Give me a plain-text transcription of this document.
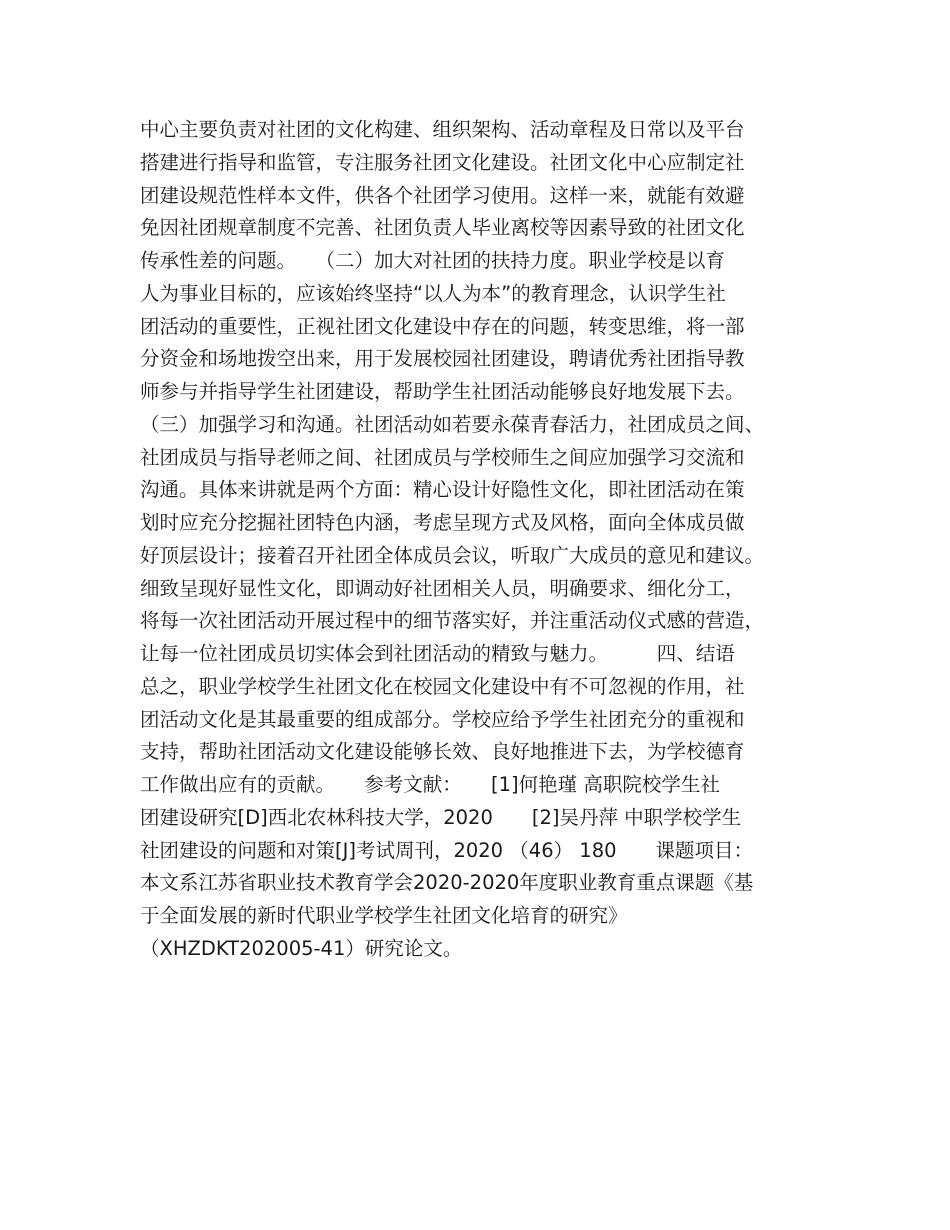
中心主要负责对社团的文化构建、组织架构、活动章程及日常以及平台
搭建进行指导和监管，专注服务社团文化建设。社团文化中心应制定社
团建设规范性样本文件，供各个社团学习使用。这样一来，就能有效避
免因社团规章制度不完善、社团负责人毕业离校等因素导致的社团文化
传承性差的问题。　　（二）加大对社团的扶持力度。职业学校是以育
人为事业目标的，应该始终坚持“以人为本”的教育理念，认识学生社
团活动的重要性，正视社团文化建设中存在的问题，转变思维，将一部
分资金和场地拨空出来，用于发展校园社团建设，聘请优秀社团指导教
师参与并指导学生社团建设，帮助学生社团活动能够良好地发展下去。
（三）加强学习和沟通。社团活动如若要永葆青春活力，社团成员之间、
社团成员与指导老师之间、社团成员与学校师生之间应加强学习交流和
沟通。具体来讲就是两个方面：精心设计好隐性文化，即社团活动在策
划时应充分挖掘社团特色内涵，考虑呈现方式及风格，面向全体成员做
好顶层设计；接着召开社团全体成员会议，听取广大成员的意见和建议。
细致呈现好显性文化，即调动好社团相关人员，明确要求、细化分工，
将每一次社团活动开展过程中的细节落实好，并注重活动仪式感的营造，
让每一位社团成员切实体会到社团活动的精致与魅力。　　　四、结语
总之，职业学校学生社团文化在校园文化建设中有不可忽视的作用，社
团活动文化是其最重要的组成部分。学校应给予学生社团充分的重视和
支持，帮助社团活动文化建设能够长效、良好地推进下去，为学校德育
工作做出应有的贡献。　　参考文献：　　[1]何艳瑾 高职院校学生社
团建设研究[D]西北农林科技大学，2020　　[2]吴丹萍 中职学校学生
社团建设的问题和对策[J]考试周刊，2020 （46） 180　　课题项目：
本文系江苏省职业技术教育学会2020-2020年度职业教育重点课题《基
于全面发展的新时代职业学校学生社团文化培育的研究》
（XHZDKT202005-41）研究论文。
